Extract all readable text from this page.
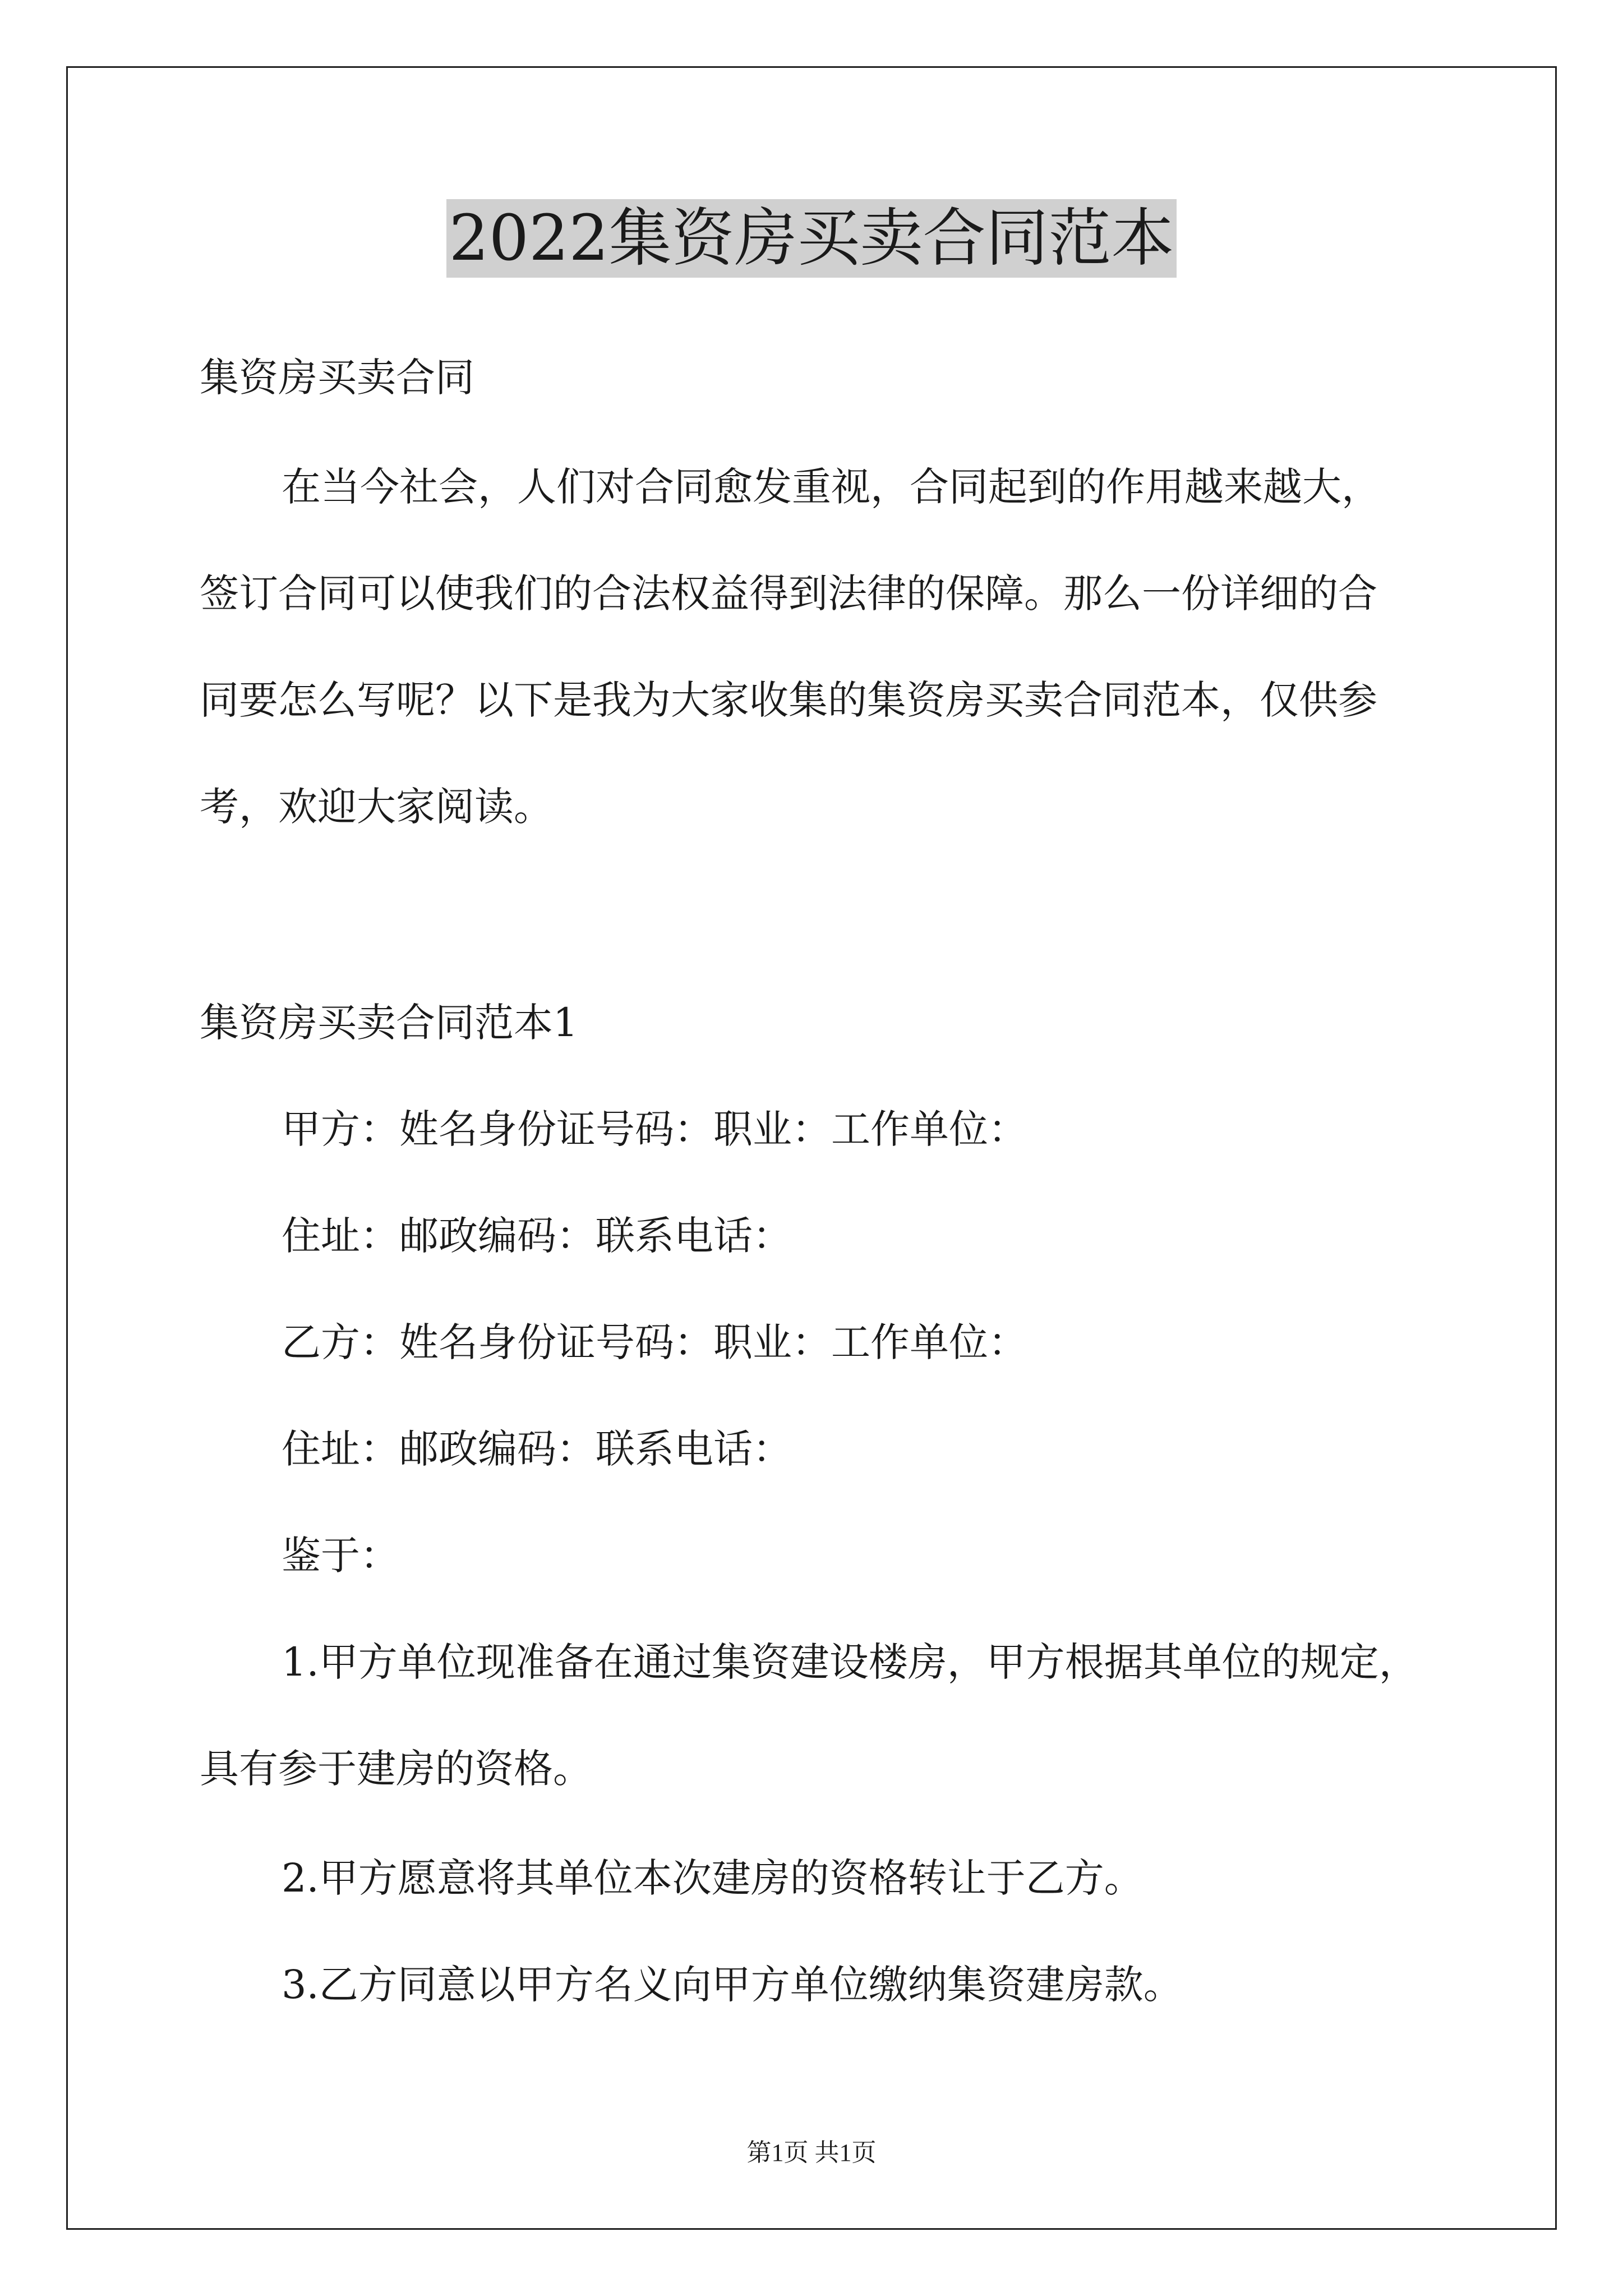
2022集资房买卖合同范本
集资房买卖合同
在当今社会，人们对合同愈发重视，合同起到的作用越来越大，
签订合同可以使我们的合法权益得到法律的保障。那么一份详细的合
同要怎么写呢？以下是我为大家收集的集资房买卖合同范本，仅供参
考，欢迎大家阅读。
集资房买卖合同范本1
甲方：姓名身份证号码：职业：工作单位：
住址：邮政编码：联系电话：
乙方：姓名身份证号码：职业：工作单位：
住址：邮政编码：联系电话：
鉴于：
1.甲方单位现准备在通过集资建设楼房，甲方根据其单位的规定，
具有参于建房的资格。
2.甲方愿意将其单位本次建房的资格转让于乙方。
3.乙方同意以甲方名义向甲方单位缴纳集资建房款。
第1页 共1页
